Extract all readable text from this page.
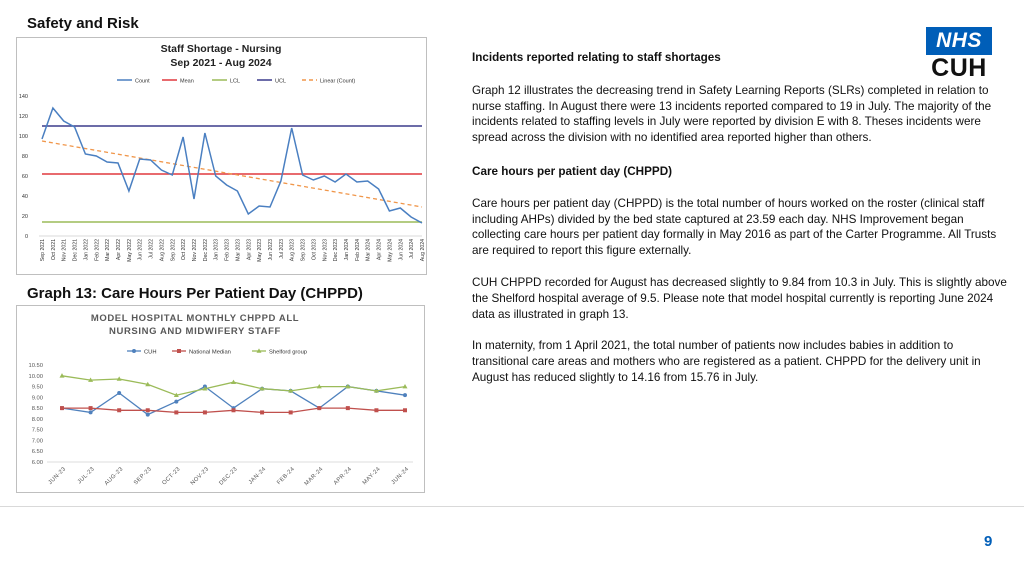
Safety and Risk
Staff Shortage - Nursing
Sep 2021 - Aug 2024
Count	Mean	LCL	UCL	Linear (Count)
0
20
40
60
80
100
120
140
Sep 2021 Oct 2021 Nov 2021 Dec 2021 Jan 2022 Feb 2022 Mar 2022 Apr 2022 May 2022 Jun 2022 Jul 2022 Aug 2022 Sep 2022 Oct 2022 Nov 2022 Dec 2022 Jan 2023 Feb 2023 Mar 2023 Apr 2023 May 2023 Jun 2023 Jul 2023 Aug 2023 Sep 2023 Oct 2023 Nov 2023 Dec 2023 Jan 2024 Feb 2024 Mar 2024 Apr 2024 May 2024 Jun 2024 Jul 2024 Aug 2024
Graph 13: Care Hours Per Patient Day (CHPPD)
MODEL HOSPITAL MONTHLY CHPPD ALL
NURSING AND MIDWIFERY STAFF
CUH	National Median	Shelford group
6.00
6.50
7.00
7.50
8.00
8.50
9.00
9.50
10.00
10.50
JUN-23 JUL-23 AUG-23 SEP-23 OCT-23 NOV-23 DEC-23 JAN-24 FEB-24 MAR-24 APR-24 MAY-24 JUN-24
NHS
CUH

Incidents reported relating to staff shortages

Graph 12 illustrates the decreasing trend in Safety Learning Reports (SLRs) completed in relation to nurse staffing. In August there were 13 incidents reported compared to 19 in July. The majority of the incidents related to staffing levels in July were reported by division E with 8. Theses incidents were spread across the division with no identified area reported higher than others.

Care hours per patient day (CHPPD)

Care hours per patient day (CHPPD) is the total number of hours worked on the roster (clinical staff including AHPs) divided by the bed state captured at 23.59 each day. NHS Improvement began collecting care hours per patient day formally in May 2016 as part of the Carter Programme. All Trusts are required to report this figure externally.

CUH CHPPD recorded for August has decreased slightly to 9.84 from 10.3 in July. This is slightly above the Shelford hospital average of 9.5. Please note that model hospital currently is reporting June 2024 data as illustrated in graph 13.

In maternity, from 1 April 2021, the total number of patients now includes babies in addition to transitional care areas and mothers who are registered as a patient. CHPPD for the delivery unit in August has reduced slightly to 14.16 from 15.76 in July.

9
